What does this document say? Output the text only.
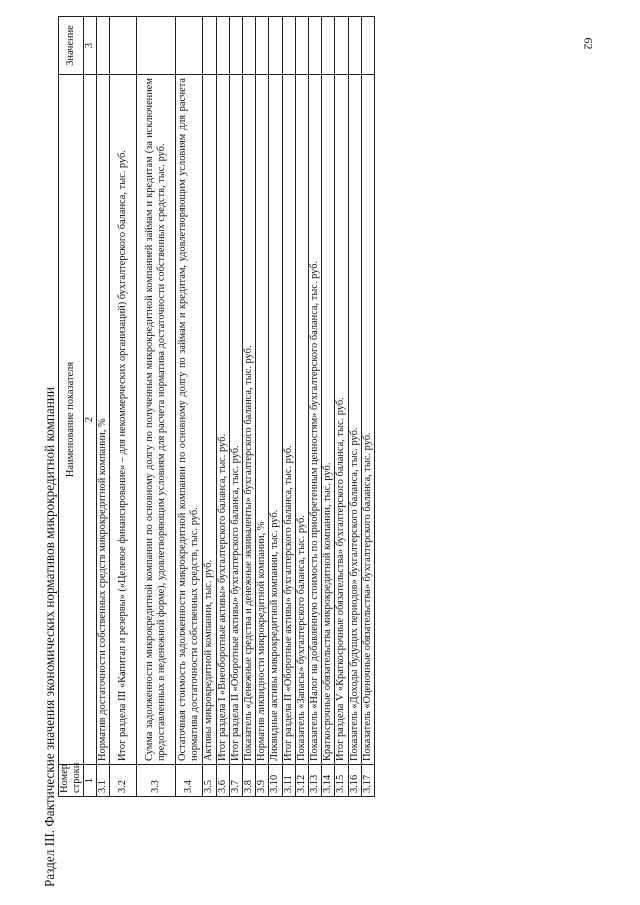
62
Раздел III. Фактические значения экономических нормативов микрокредитной компании Номер строки	Наименование показателя	Значение
1	2	3
3.1	Норматив достаточности собственных средств микрокредитной компании, %	
3.2	Итог раздела III «Капитал и резервы» («Целевое финансирование» – для некоммерческих организаций) бухгалтерского баланса, тыс. руб.	
3.3	Сумма задолженности микрокредитной компании по основному долгу по полученным микрокредитной компанией займам и кредитам (за исключением предоставленных в неденежной форме), удовлетворяющим условиям для расчета норматива достаточности собственных средств, тыс. руб.	
3.4	Остаточная стоимость задолженности микрокредитной компании по основному долгу по займам и кредитам, удовлетворяющим условиям для расчета норматива достаточности собственных средств, тыс. руб.	
3.5	Активы микрокредитной компании, тыс. руб.	
3.6	Итог раздела I «Внеоборотные активы» бухгалтерского баланса, тыс. руб.	
3.7	Итог раздела II «Оборотные активы» бухгалтерского баланса, тыс. руб.	
3.8	Показатель «Денежные средства и денежные эквиваленты» бухгалтерского баланса, тыс. руб.	
3.9	Норматив ликвидности микрокредитной компании, %	
3.10	Ликвидные активы микрокредитной компании, тыс. руб.	
3.11	Итог раздела II «Оборотные активы» бухгалтерского баланса, тыс. руб.	
3.12	Показатель «Запасы» бухгалтерского баланса, тыс. руб.	
3.13	Показатель «Налог на добавленную стоимость по приобретенным ценностям» бухгалтерского баланса, тыс. руб.	
3.14	Краткосрочные обязательства микрокредитной компании, тыс. руб.	
3.15	Итог раздела V «Краткосрочные обязательства» бухгалтерского баланса, тыс. руб.	
3.16	Показатель «Доходы будущих периодов» бухгалтерского баланса, тыс. руб.	
3.17	Показатель «Оценочные обязательства» бухгалтерского баланса, тыс. руб.	
